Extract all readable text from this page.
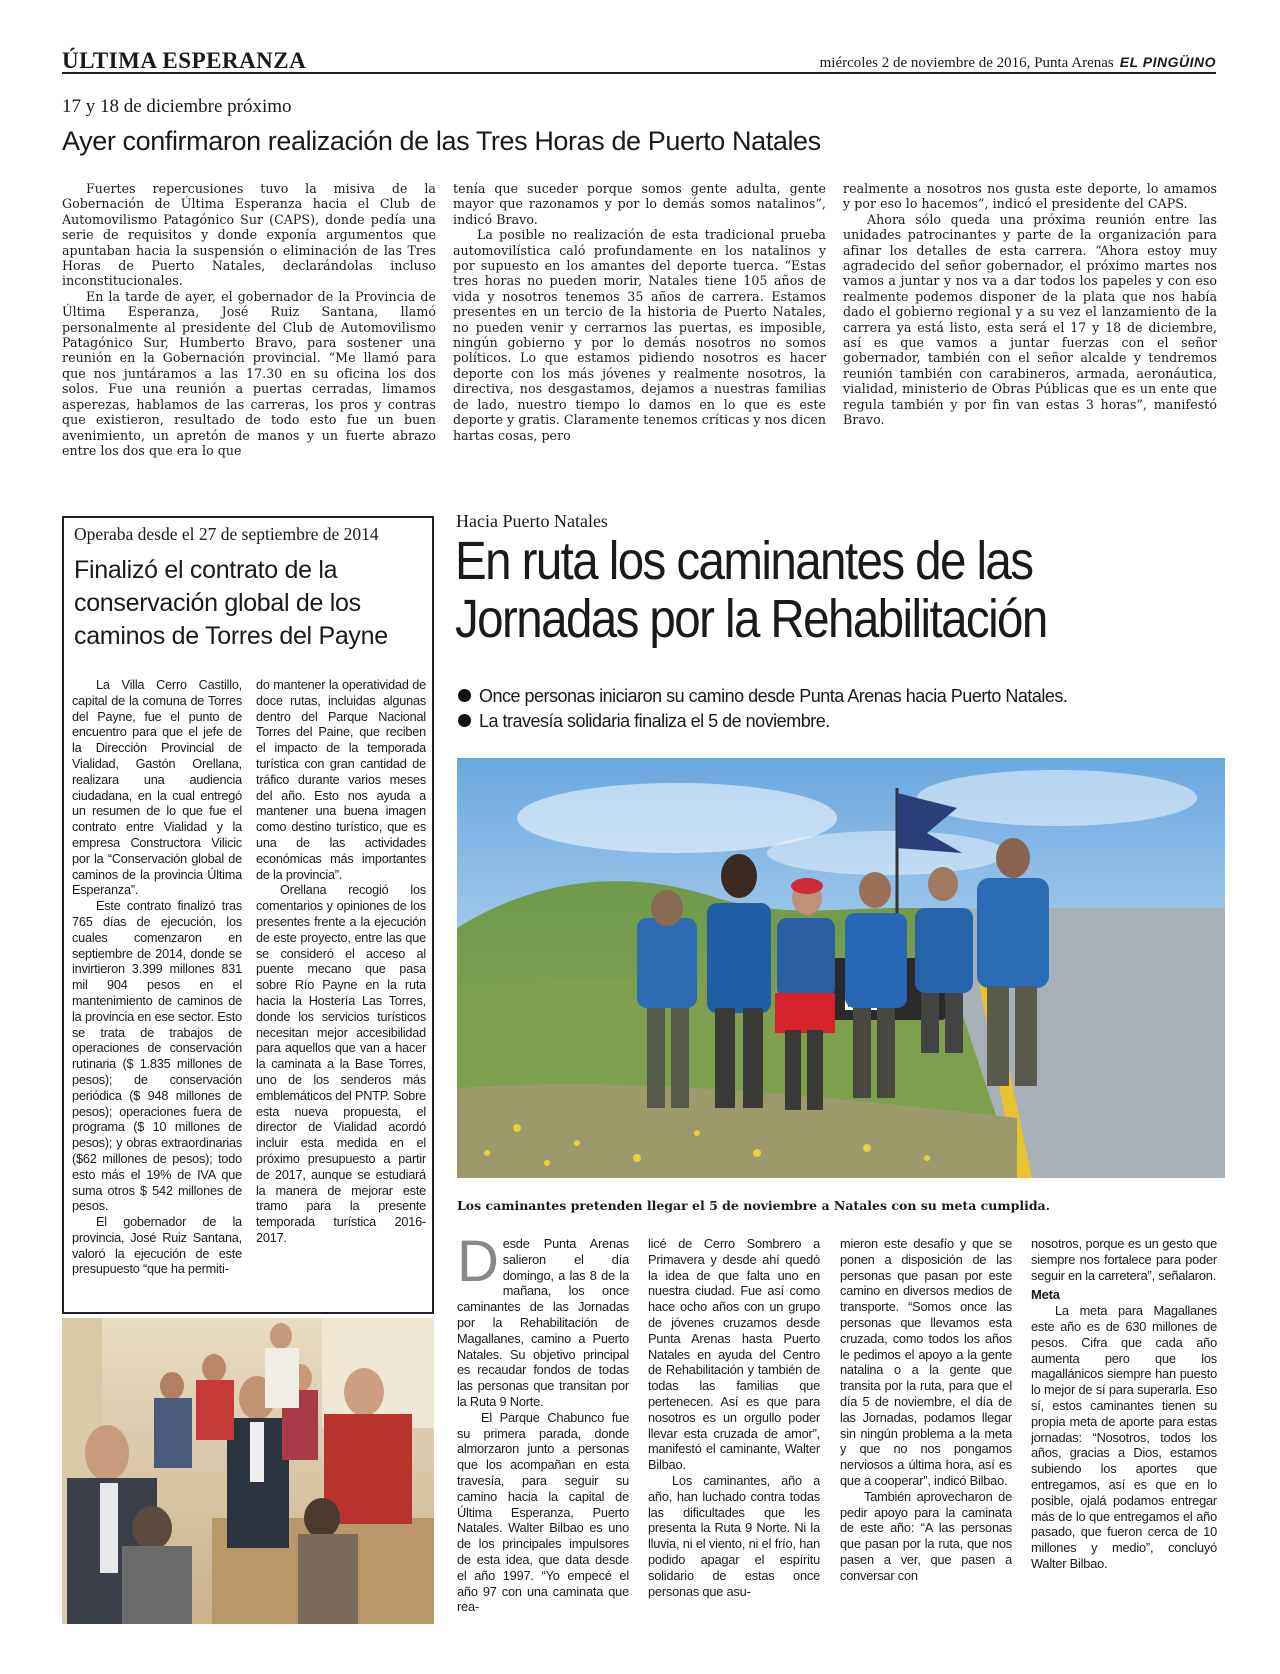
ÚLTIMA ESPERANZA	miércoles 2 de noviembre de 2016, Punta Arenas EL PINGÜINO
17 y 18 de diciembre próximo
Ayer confirmaron realización de las Tres Horas de Puerto Natales

Fuertes repercusiones tuvo la misiva de la Gobernación de Última Esperanza hacia el Club de Automovilismo Patagónico Sur (CAPS), donde pedía una serie de requisitos y donde exponía argumentos que apuntaban hacia la suspensión o eliminación de las Tres Horas de Puerto Natales, declarándolas incluso inconstitucionales.

En la tarde de ayer, el gobernador de la Provincia de Última Esperanza, José Ruiz Santana, llamó personalmente al presidente del Club de Automovilismo Patagónico Sur, Humberto Bravo, para sostener una reunión en la Gobernación provincial. “Me llamó para que nos juntáramos a las 17.30 en su oficina los dos solos. Fue una reunión a puertas cerradas, limamos asperezas, hablamos de las carreras, los pros y contras que existieron, resultado de todo esto fue un buen avenimiento, un apretón de manos y un fuerte abrazo entre los dos que era lo que

tenía que suceder porque somos gente adulta, gente mayor que razonamos y por lo demás somos natalinos”, indicó Bravo.

La posible no realización de esta tradicional prueba automovilística caló profundamente en los natalinos y por supuesto en los amantes del deporte tuerca. “Estas tres horas no pueden morir, Natales tiene 105 años de vida y nosotros tenemos 35 años de carrera. Estamos presentes en un tercio de la historia de Puerto Natales, no pueden venir y cerrarnos las puertas, es imposible, ningún gobierno y por lo demás nosotros no somos políticos. Lo que estamos pidiendo nosotros es hacer deporte con los más jóvenes y realmente nosotros, la directiva, nos desgastamos, dejamos a nuestras familias de lado, nuestro tiempo lo damos en lo que es este deporte y gratis. Claramente tenemos críticas y nos dicen hartas cosas, pero

realmente a nosotros nos gusta este deporte, lo amamos y por eso lo hacemos”, indicó el presidente del CAPS.

Ahora sólo queda una próxima reunión entre las unidades patrocinantes y parte de la organización para afinar los detalles de esta carrera. “Ahora estoy muy agradecido del señor gobernador, el próximo martes nos vamos a juntar y nos va a dar todos los papeles y con eso realmente podemos disponer de la plata que nos había dado el gobierno regional y a su vez el lanzamiento de la carrera ya está listo, esta será el 17 y 18 de diciembre, así es que vamos a juntar fuerzas con el señor gobernador, también con el señor alcalde y tendremos reunión también con carabineros, armada, aeronáutica, vialidad, ministerio de Obras Públicas que es un ente que regula también y por fin van estas 3 horas”, manifestó Bravo.

Operaba desde el 27 de septiembre de 2014
Finalizó el contrato de la conservación global de los caminos de Torres del Payne

La Villa Cerro Castillo, capital de la comuna de Torres del Payne, fue el punto de encuentro para que el jefe de la Dirección Provincial de Vialidad, Gastón Orellana, realizara una audiencia ciudadana, en la cual entregó un resumen de lo que fue el contrato entre Vialidad y la empresa Constructora Vilicic por la “Conservación global de caminos de la provincia Última Esperanza”.

Este contrato finalizó tras 765 días de ejecución, los cuales comenzaron en septiembre de 2014, donde se invirtieron 3.399 millones 831 mil 904 pesos en el mantenimiento de caminos de la provincia en ese sector. Esto se trata de trabajos de operaciones de conservación rutinaria ($ 1.835 millones de pesos); de conservación periódica ($ 948 millones de pesos); operaciones fuera de programa ($ 10 millones de pesos); y obras extraordinarias ($62 millones de pesos); todo esto más el 19% de IVA que suma otros $ 542 millones de pesos.

El gobernador de la provincia, José Ruiz Santana, valoró la ejecución de este presupuesto “que ha permiti-

do mantener la operatividad de doce rutas, incluidas algunas dentro del Parque Nacional Torres del Paine, que reciben el impacto de la temporada turística con gran cantidad de tráfico durante varios meses del año. Esto nos ayuda a mantener una buena imagen como destino turístico, que es una de las actividades económicas más importantes de la provincia”.

Orellana recogió los comentarios y opiniones de los presentes frente a la ejecución de este proyecto, entre las que se consideró el acceso al puente mecano que pasa sobre Río Payne en la ruta hacia la Hostería Las Torres, donde los servicios turísticos necesitan mejor accesibilidad para aquellos que van a hacer la caminata a la Base Torres, uno de los senderos más emblemáticos del PNTP. Sobre esta nueva propuesta, el director de Vialidad acordó incluir esta medida en el próximo presupuesto a partir de 2017, aunque se estudiará la manera de mejorar este tramo para la presente temporada turística 2016-2017.

Hacia Puerto Natales
En ruta los caminantes de las
Jornadas por la Rehabilitación
Once personas iniciaron su camino desde Punta Arenas hacia Puerto Natales.
La travesía solidaria finaliza el 5 de noviembre.
Los caminantes pretenden llegar el 5 de noviembre a Natales con su meta cumplida.

Desde Punta Arenas salieron el día domingo, a las 8 de la mañana, los once caminantes de las Jornadas por la Rehabilitación de Magallanes, camino a Puerto Natales. Su objetivo principal es recaudar fondos de todas las personas que transitan por la Ruta 9 Norte.

El Parque Chabunco fue su primera parada, donde almorzaron junto a personas que los acompañan en esta travesía, para seguir su camino hacia la capital de Última Esperanza, Puerto Natales. Walter Bilbao es uno de los principales impulsores de esta idea, que data desde el año 1997. “Yo empecé el año 97 con una caminata que rea-

licé de Cerro Sombrero a Primavera y desde ahí quedó la idea de que falta uno en nuestra ciudad. Fue así como hace ocho años con un grupo de jóvenes cruzamos desde Punta Arenas hasta Puerto Natales en ayuda del Centro de Rehabilitación y también de todas las familias que pertenecen. Así es que para nosotros es un orgullo poder llevar esta cruzada de amor”, manifestó el caminante, Walter Bilbao.

Los caminantes, año a año, han luchado contra todas las dificultades que les presenta la Ruta 9 Norte. Ni la lluvia, ni el viento, ni el frío, han podido apagar el espíritu solidario de estas once personas que asu-

mieron este desafío y que se ponen a disposición de las personas que pasan por este camino en diversos medios de transporte. “Somos once las personas que llevamos esta cruzada, como todos los años le pedimos el apoyo a la gente natalina o a la gente que transita por la ruta, para que el día 5 de noviembre, el día de las Jornadas, podamos llegar sin ningún problema a la meta y que no nos pongamos nerviosos a última hora, así es que a cooperar”, indicó Bilbao.

También aprovecharon de pedir apoyo para la caminata de este año: “A las personas que pasan por la ruta, que nos pasen a ver, que pasen a conversar con

nosotros, porque es un gesto que siempre nos fortalece para poder seguir en la carretera”, señalaron.

Meta

La meta para Magallanes este año es de 630 millones de pesos. Cifra que cada año aumenta pero que los magallánicos siempre han puesto lo mejor de sí para superarla. Eso sí, estos caminantes tienen su propia meta de aporte para estas jornadas: “Nosotros, todos los años, gracias a Dios, estamos subiendo los aportes que entregamos, así es que en lo posible, ojalá podamos entregar más de lo que entregamos el año pasado, que fueron cerca de 10 millones y medio”, concluyó Walter Bilbao.
